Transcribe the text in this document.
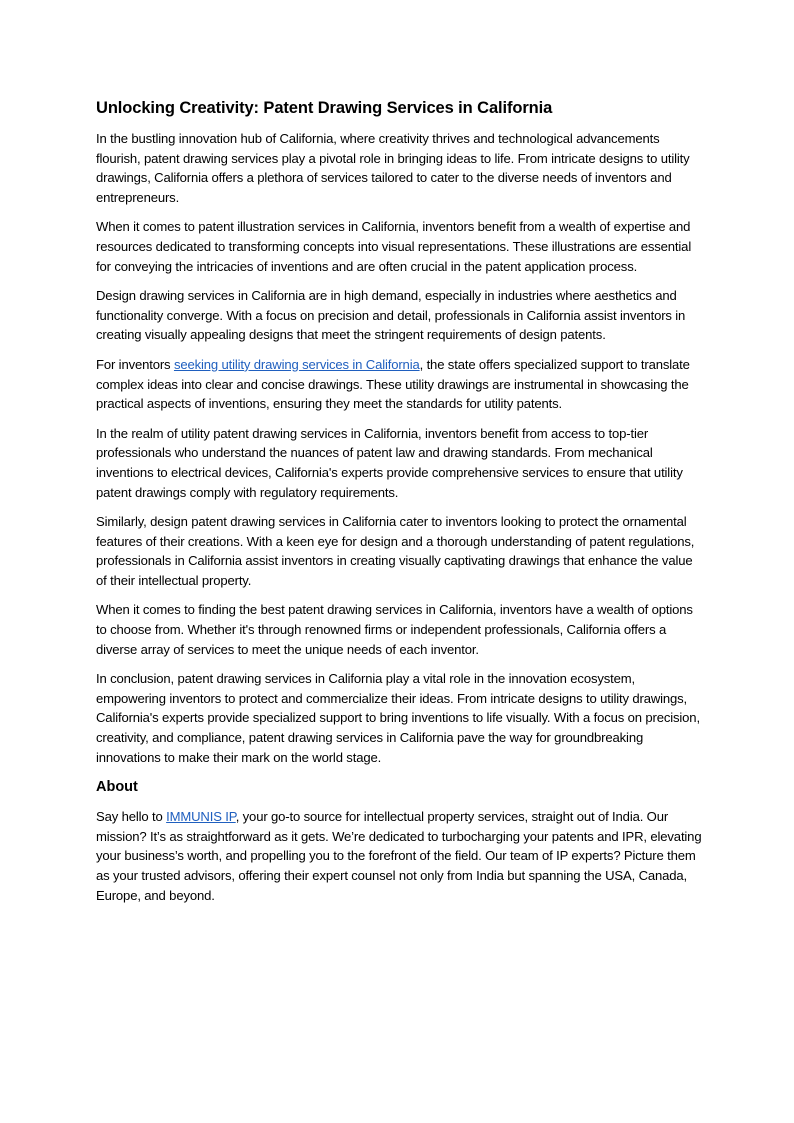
Unlocking Creativity: Patent Drawing Services in California

In the bustling innovation hub of California, where creativity thrives and technological advancements flourish, patent drawing services play a pivotal role in bringing ideas to life. From intricate designs to utility drawings, California offers a plethora of services tailored to cater to the diverse needs of inventors and entrepreneurs.

When it comes to patent illustration services in California, inventors benefit from a wealth of expertise and resources dedicated to transforming concepts into visual representations. These illustrations are essential for conveying the intricacies of inventions and are often crucial in the patent application process.

Design drawing services in California are in high demand, especially in industries where aesthetics and functionality converge. With a focus on precision and detail, professionals in California assist inventors in creating visually appealing designs that meet the stringent requirements of design patents.

For inventors seeking utility drawing services in California, the state offers specialized support to translate complex ideas into clear and concise drawings. These utility drawings are instrumental in showcasing the practical aspects of inventions, ensuring they meet the standards for utility patents.

In the realm of utility patent drawing services in California, inventors benefit from access to top-tier professionals who understand the nuances of patent law and drawing standards. From mechanical inventions to electrical devices, California's experts provide comprehensive services to ensure that utility patent drawings comply with regulatory requirements.

Similarly, design patent drawing services in California cater to inventors looking to protect the ornamental features of their creations. With a keen eye for design and a thorough understanding of patent regulations, professionals in California assist inventors in creating visually captivating drawings that enhance the value of their intellectual property.

When it comes to finding the best patent drawing services in California, inventors have a wealth of options to choose from. Whether it's through renowned firms or independent professionals, California offers a diverse array of services to meet the unique needs of each inventor.

In conclusion, patent drawing services in California play a vital role in the innovation ecosystem, empowering inventors to protect and commercialize their ideas. From intricate designs to utility drawings, California's experts provide specialized support to bring inventions to life visually. With a focus on precision, creativity, and compliance, patent drawing services in California pave the way for groundbreaking innovations to make their mark on the world stage.

About

Say hello to IMMUNIS IP, your go-to source for intellectual property services, straight out of India. Our mission? It’s as straightforward as it gets. We’re dedicated to turbocharging your patents and IPR, elevating your business’s worth, and propelling you to the forefront of the field. Our team of IP experts? Picture them as your trusted advisors, offering their expert counsel not only from India but spanning the USA, Canada, Europe, and beyond.
